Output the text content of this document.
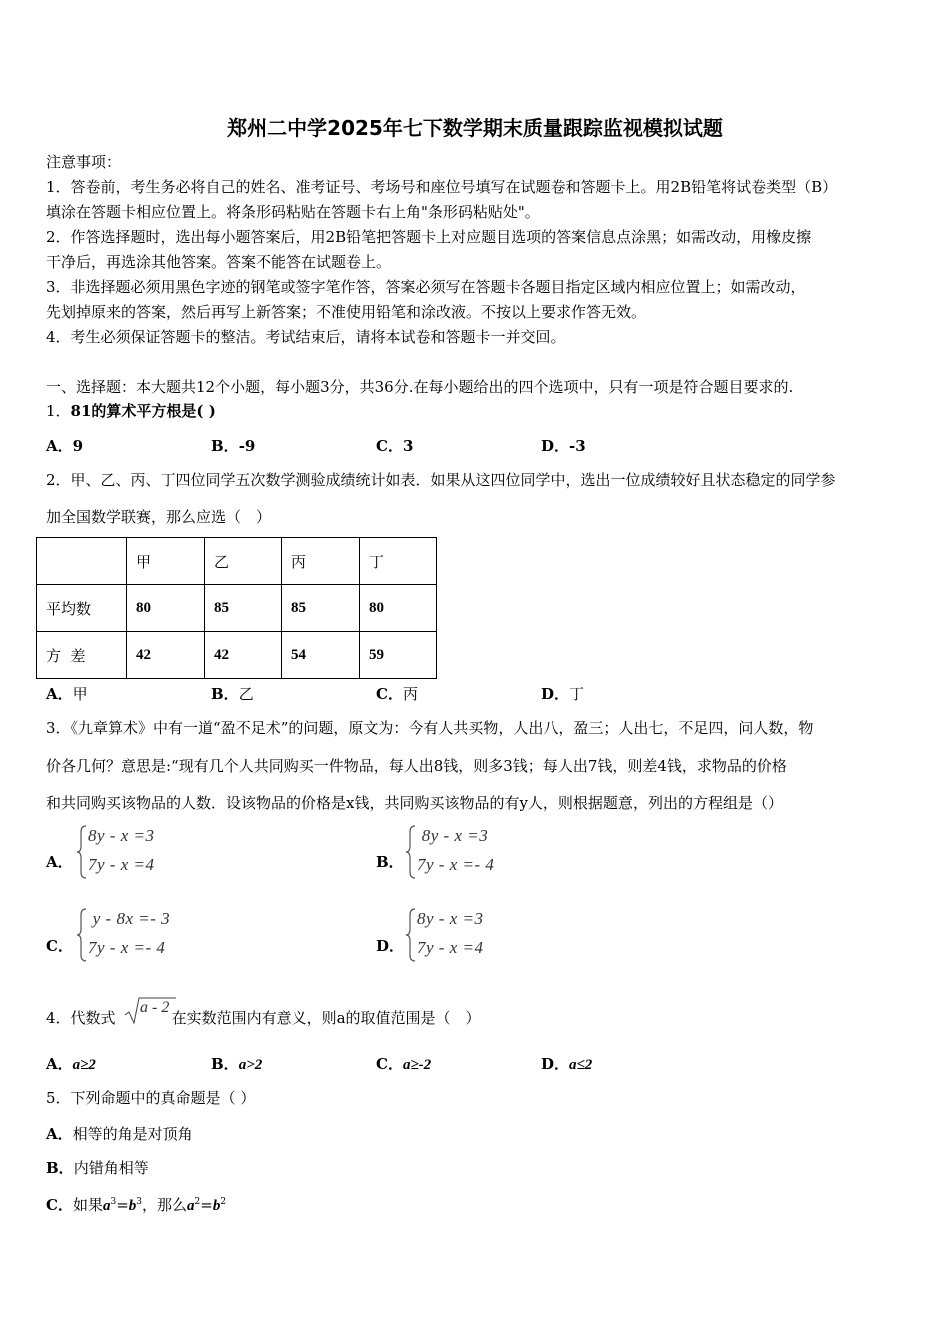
郑州二中学2025年七下数学期末质量跟踪监视模拟试题
注意事项：
1．答卷前，考生务必将自己的姓名、准考证号、考场号和座位号填写在试题卷和答题卡上。用2B铅笔将试卷类型（B）
填涂在答题卡相应位置上。将条形码粘贴在答题卡右上角"条形码粘贴处"。
2．作答选择题时，选出每小题答案后，用2B铅笔把答题卡上对应题目选项的答案信息点涂黑；如需改动，用橡皮擦
干净后，再选涂其他答案。答案不能答在试题卷上。
3．非选择题必须用黑色字迹的钢笔或签字笔作答，答案必须写在答题卡各题目指定区域内相应位置上；如需改动，
先划掉原来的答案，然后再写上新答案；不准使用铅笔和涂改液。不按以上要求作答无效。
4．考生必须保证答题卡的整洁。考试结束后，请将本试卷和答题卡一并交回。
一、选择题：本大题共12个小题，每小题3分，共36分.在每小题给出的四个选项中，只有一项是符合题目要求的.
1．81的算术平方根是( )
A．9	B．-9	C．3	D．-3
2．甲、乙、丙、丁四位同学五次数学测验成绩统计如表．如果从这四位同学中，选出一位成绩较好且状态稳定的同学参
加全国数学联赛，那么应选（　）
	甲	乙	丙	丁
平均数	80	85	85	80
方  差	42	42	54	59
A．甲	B．乙	C．丙	D．丁
3．《九章算术》中有一道“盈不足术”的问题，原文为：今有人共买物，人出八，盈三；人出七，不足四，问人数，物
价各几何？意思是:“现有几个人共同购买一件物品，每人出8钱，则多3钱；每人出7钱，则差4钱，求物品的价格
和共同购买该物品的人数．设该物品的价格是x钱，共同购买该物品的有y人，则根据题意，列出的方程组是（）
A．
8y - x =3
7y - x =4	B．
8y - x =3
7y - x =- 4
C．
y - 8x =- 3
7y - x =- 4	D．
8y - x =3
7y - x =4
4．代数式	在实数范围内有意义，则a的取值范围是（　）
a - 2
A．a≥2	B．a>2	C．a≥-2	D．a≤2
5．下列命题中的真命题是（ ）
A．相等的角是对顶角
B．内错角相等
C．如果$a^3=b^3$，那么$a^2=b^2$
